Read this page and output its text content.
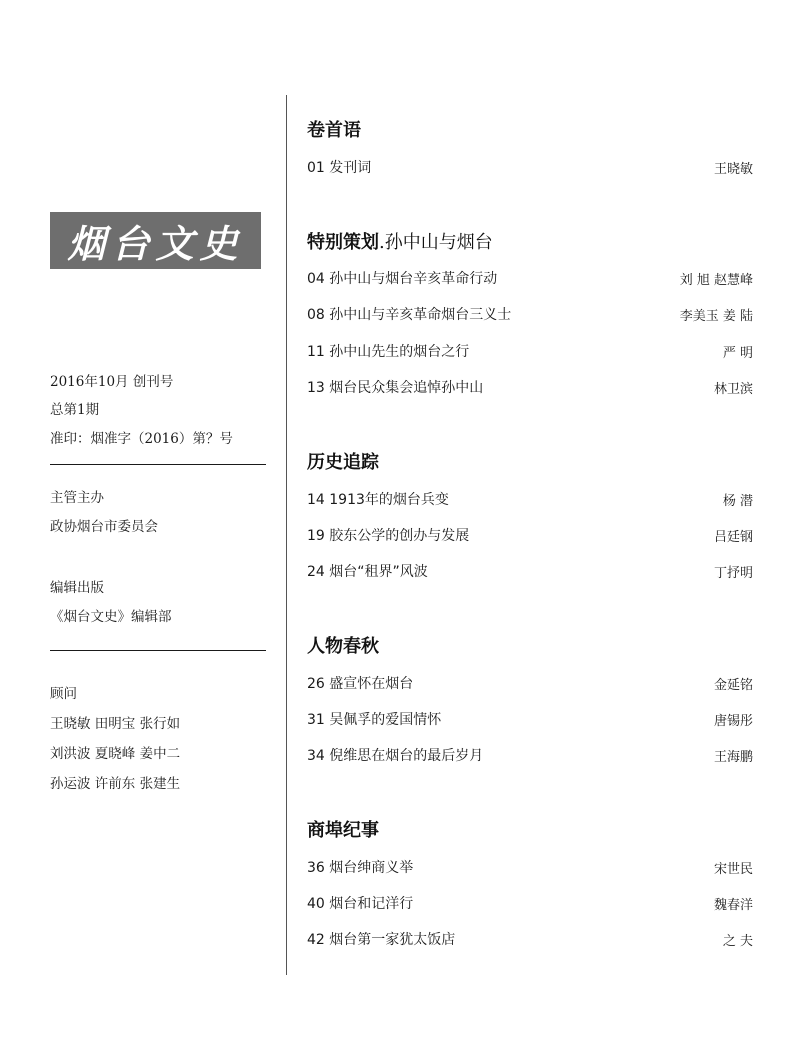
烟台文史
2016年10月 创刊号
总第1期
准印：烟准字（2016）第？号
主管主办
政协烟台市委员会
编辑出版
《烟台文史》编辑部
顾问
王晓敏 田明宝 张行如
刘洪波 夏晓峰 姜中二
孙运波 许前东 张建生
卷首语
01 发刊词	王晓敏
特别策划.孙中山与烟台
04 孙中山与烟台辛亥革命行动	刘 旭 赵慧峰
08 孙中山与辛亥革命烟台三义士	李美玉 姜 陆
11 孙中山先生的烟台之行	严 明
13 烟台民众集会追悼孙中山	林卫滨
历史追踪
14 1913年的烟台兵变	杨 潜
19 胶东公学的创办与发展	吕廷钢
24 烟台“租界”风波	丁抒明
人物春秋
26 盛宣怀在烟台	金延铭
31 吴佩孚的爱国情怀	唐锡彤
34 倪维思在烟台的最后岁月	王海鹏
商埠纪事
36 烟台绅商义举	宋世民
40 烟台和记洋行	魏春洋
42 烟台第一家犹太饭店	之 夫
